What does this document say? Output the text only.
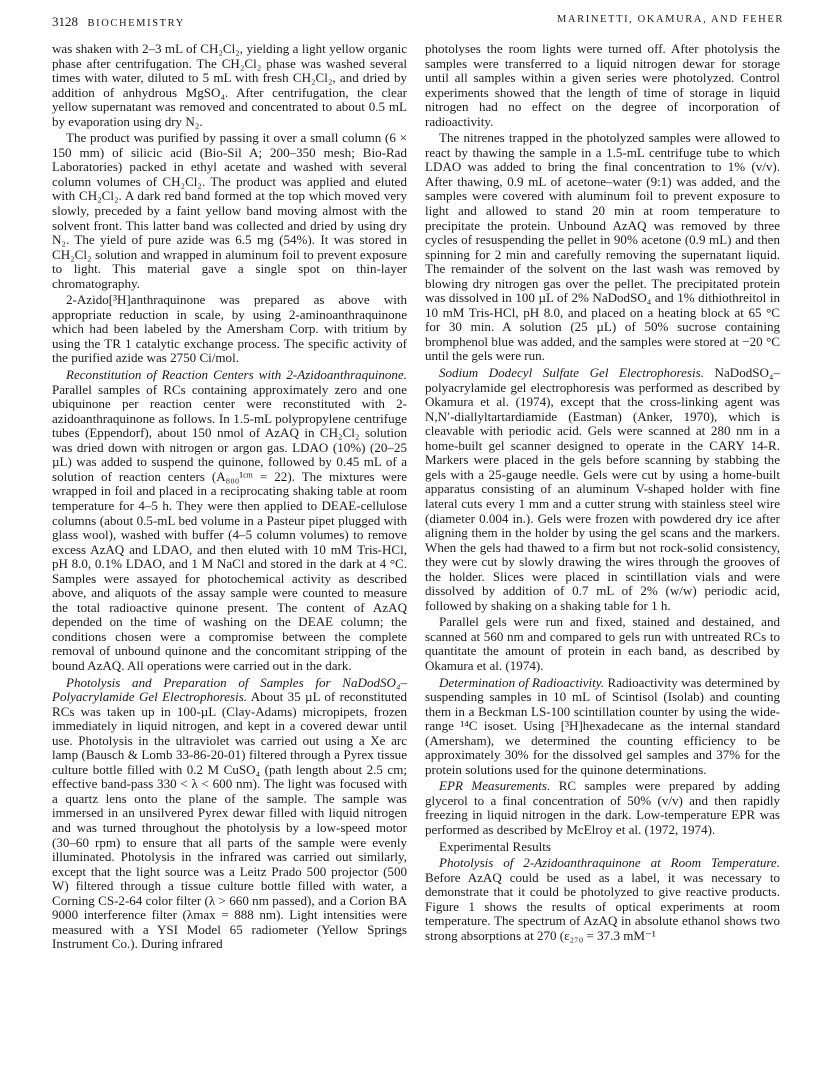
3128 BIOCHEMISTRY	MARINETTI, OKAMURA, AND FEHER

was shaken with 2–3 mL of CH₂Cl₂, yielding a light yellow organic phase after centrifugation. The CH₂Cl₂ phase was washed several times with water, diluted to 5 mL with fresh CH₂Cl₂, and dried by addition of anhydrous MgSO₄. After centrifugation, the clear yellow supernatant was removed and concentrated to about 0.5 mL by evaporation using dry N₂.

The product was purified by passing it over a small column (6 × 150 mm) of silicic acid (Bio-Sil A; 200–350 mesh; Bio-Rad Laboratories) packed in ethyl acetate and washed with several column volumes of CH₂Cl₂. The product was applied and eluted with CH₂Cl₂. A dark red band formed at the top which moved very slowly, preceded by a faint yellow band moving almost with the solvent front. This latter band was collected and dried by using dry N₂. The yield of pure azide was 6.5 mg (54%). It was stored in CH₂Cl₂ solution and wrapped in aluminum foil to prevent exposure to light. This material gave a single spot on thin-layer chromatography.

2-Azido[³H]anthraquinone was prepared as above with appropriate reduction in scale, by using 2-aminoanthraquinone which had been labeled by the Amersham Corp. with tritium by using the TR 1 catalytic exchange process. The specific activity of the purified azide was 2750 Ci/mol.

Reconstitution of Reaction Centers with 2-Azidoanthraquinone. Parallel samples of RCs containing approximately zero and one ubiquinone per reaction center were reconstituted with 2-azidoanthraquinone as follows. In 1.5-mL polypropylene centrifuge tubes (Eppendorf), about 150 nmol of AzAQ in CH₂Cl₂ solution was dried down with nitrogen or argon gas. LDAO (10%) (20–25 µL) was added to suspend the quinone, followed by 0.45 mL of a solution of reaction centers (A₈₀₀¹ᶜᵐ = 22). The mixtures were wrapped in foil and placed in a reciprocating shaking table at room temperature for 4–5 h. They were then applied to DEAE-cellulose columns (about 0.5-mL bed volume in a Pasteur pipet plugged with glass wool), washed with buffer (4–5 column volumes) to remove excess AzAQ and LDAO, and then eluted with 10 mM Tris-HCl, pH 8.0, 0.1% LDAO, and 1 M NaCl and stored in the dark at 4 °C. Samples were assayed for photochemical activity as described above, and aliquots of the assay sample were counted to measure the total radioactive quinone present. The content of AzAQ depended on the time of washing on the DEAE column; the conditions chosen were a compromise between the complete removal of unbound quinone and the concomitant stripping of the bound AzAQ. All operations were carried out in the dark.

Photolysis and Preparation of Samples for NaDodSO₄–Polyacrylamide Gel Electrophoresis. About 35 µL of reconstituted RCs was taken up in 100-µL (Clay-Adams) micropipets, frozen immediately in liquid nitrogen, and kept in a covered dewar until use. Photolysis in the ultraviolet was carried out using a Xe arc lamp (Bausch & Lomb 33-86-20-01) filtered through a Pyrex tissue culture bottle filled with 0.2 M CuSO₄ (path length about 2.5 cm; effective band-pass 330 < λ < 600 nm). The light was focused with a quartz lens onto the plane of the sample. The sample was immersed in an unsilvered Pyrex dewar filled with liquid nitrogen and was turned throughout the photolysis by a low-speed motor (30–60 rpm) to ensure that all parts of the sample were evenly illuminated. Photolysis in the infrared was carried out similarly, except that the light source was a Leitz Prado 500 projector (500 W) filtered through a tissue culture bottle filled with water, a Corning CS-2-64 color filter (λ > 660 nm passed), and a Corion BA 9000 interference filter (λmax = 888 nm). Light intensities were measured with a YSI Model 65 radiometer (Yellow Springs Instrument Co.). During infrared

photolyses the room lights were turned off. After photolysis the samples were transferred to a liquid nitrogen dewar for storage until all samples within a given series were photolyzed. Control experiments showed that the length of time of storage in liquid nitrogen had no effect on the degree of incorporation of radioactivity.

The nitrenes trapped in the photolyzed samples were allowed to react by thawing the sample in a 1.5-mL centrifuge tube to which LDAO was added to bring the final concentration to 1% (v/v). After thawing, 0.9 mL of acetone–water (9:1) was added, and the samples were covered with aluminum foil to prevent exposure to light and allowed to stand 20 min at room temperature to precipitate the protein. Unbound AzAQ was removed by three cycles of resuspending the pellet in 90% acetone (0.9 mL) and then spinning for 2 min and carefully removing the supernatant liquid. The remainder of the solvent on the last wash was removed by blowing dry nitrogen gas over the pellet. The precipitated protein was dissolved in 100 µL of 2% NaDodSO₄ and 1% dithiothreitol in 10 mM Tris-HCl, pH 8.0, and placed on a heating block at 65 °C for 30 min. A solution (25 µL) of 50% sucrose containing bromphenol blue was added, and the samples were stored at −20 °C until the gels were run.

Sodium Dodecyl Sulfate Gel Electrophoresis. NaDodSO₄–polyacrylamide gel electrophoresis was performed as described by Okamura et al. (1974), except that the cross-linking agent was N,N′-diallyltartardiamide (Eastman) (Anker, 1970), which is cleavable with periodic acid. Gels were scanned at 280 nm in a home-built gel scanner designed to operate in the CARY 14-R. Markers were placed in the gels before scanning by stabbing the gels with a 25-gauge needle. Gels were cut by using a home-built apparatus consisting of an aluminum V-shaped holder with fine lateral cuts every 1 mm and a cutter strung with stainless steel wire (diameter 0.004 in.). Gels were frozen with powdered dry ice after aligning them in the holder by using the gel scans and the markers. When the gels had thawed to a firm but not rock-solid consistency, they were cut by slowly drawing the wires through the grooves of the holder. Slices were placed in scintillation vials and were dissolved by addition of 0.7 mL of 2% (w/w) periodic acid, followed by shaking on a shaking table for 1 h.

Parallel gels were run and fixed, stained and destained, and scanned at 560 nm and compared to gels run with untreated RCs to quantitate the amount of protein in each band, as described by Okamura et al. (1974).

Determination of Radioactivity. Radioactivity was determined by suspending samples in 10 mL of Scintisol (Isolab) and counting them in a Beckman LS-100 scintillation counter by using the wide-range ¹⁴C isoset. Using [³H]hexadecane as the internal standard (Amersham), we determined the counting efficiency to be approximately 30% for the dissolved gel samples and 37% for the protein solutions used for the quinone determinations.

EPR Measurements. RC samples were prepared by adding glycerol to a final concentration of 50% (v/v) and then rapidly freezing in liquid nitrogen in the dark. Low-temperature EPR was performed as described by McElroy et al. (1972, 1974).

Experimental Results

Photolysis of 2-Azidoanthraquinone at Room Temperature. Before AzAQ could be used as a label, it was necessary to demonstrate that it could be photolyzed to give reactive products. Figure 1 shows the results of optical experiments at room temperature. The spectrum of AzAQ in absolute ethanol shows two strong absorptions at 270 (ε₂₇₀ = 37.3 mM⁻¹
